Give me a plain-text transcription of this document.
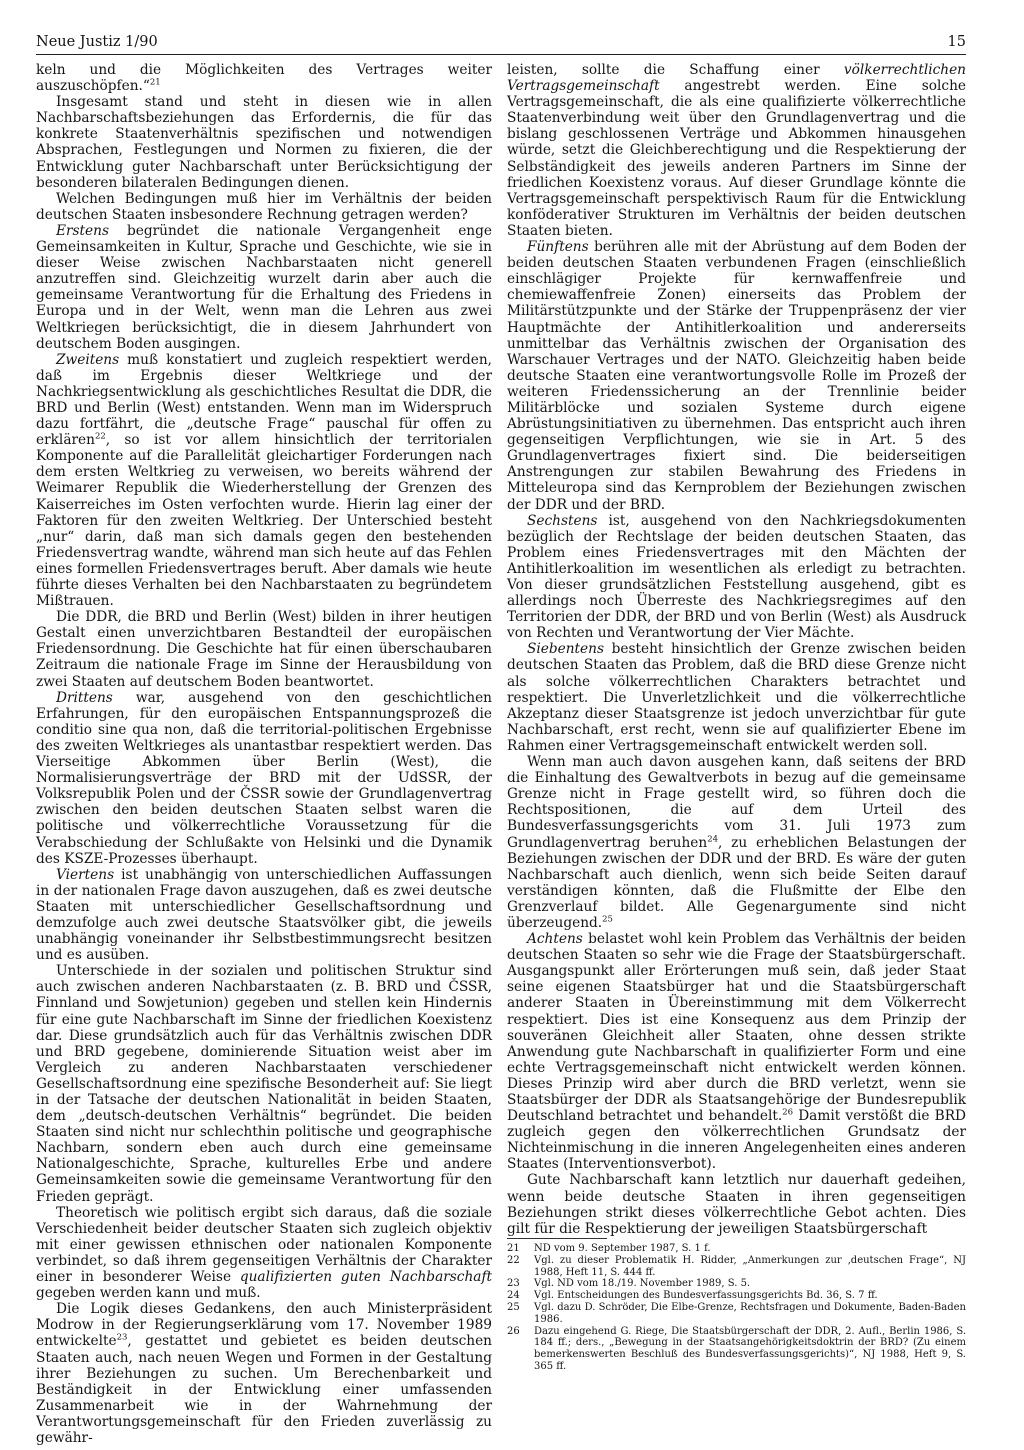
Neue Justiz 1/90	15

keln und die Möglichkeiten des Vertrages weiter auszuschöpfen.“$^{21}$

Insgesamt stand und steht in diesen wie in allen Nachbarschaftsbeziehungen das Erfordernis, die für das konkrete Staatenverhältnis spezifischen und notwendigen Absprachen, Festlegungen und Normen zu fixieren, die der Entwicklung guter Nachbarschaft unter Berücksichtigung der besonderen bilateralen Bedingungen dienen.

Welchen Bedingungen muß hier im Verhältnis der beiden deutschen Staaten insbesondere Rechnung getragen werden?

Erstens begründet die nationale Vergangenheit enge Gemeinsamkeiten in Kultur, Sprache und Geschichte, wie sie in dieser Weise zwischen Nachbarstaaten nicht generell anzutreffen sind. Gleichzeitig wurzelt darin aber auch die gemeinsame Verantwortung für die Erhaltung des Friedens in Europa und in der Welt, wenn man die Lehren aus zwei Weltkriegen berücksichtigt, die in diesem Jahrhundert von deutschem Boden ausgingen.

Zweitens muß konstatiert und zugleich respektiert werden, daß im Ergebnis dieser Weltkriege und der Nachkriegsentwicklung als geschichtliches Resultat die DDR, die BRD und Berlin (West) entstanden. Wenn man im Widerspruch dazu fortfährt, die „deutsche Frage“ pauschal für offen zu erklären$^{22}$, so ist vor allem hinsichtlich der territorialen Komponente auf die Parallelität gleichartiger Forderungen nach dem ersten Weltkrieg zu verweisen, wo bereits während der Weimarer Republik die Wiederherstellung der Grenzen des Kaiserreiches im Osten verfochten wurde. Hierin lag einer der Faktoren für den zweiten Weltkrieg. Der Unterschied besteht „nur“ darin, daß man sich damals gegen den bestehenden Friedensvertrag wandte, während man sich heute auf das Fehlen eines formellen Friedensvertrages beruft. Aber damals wie heute führte dieses Verhalten bei den Nachbarstaaten zu begründetem Mißtrauen.

Die DDR, die BRD und Berlin (West) bilden in ihrer heutigen Gestalt einen unverzichtbaren Bestandteil der europäischen Friedensordnung. Die Geschichte hat für einen überschaubaren Zeitraum die nationale Frage im Sinne der Herausbildung von zwei Staaten auf deutschem Boden beantwortet.

Drittens war, ausgehend von den geschichtlichen Erfahrungen, für den europäischen Entspannungsprozeß die conditio sine qua non, daß die territorial-politischen Ergebnisse des zweiten Weltkrieges als unantastbar respektiert werden. Das Vierseitige Abkommen über Berlin (West), die Normalisierungsverträge der BRD mit der UdSSR, der Volksrepublik Polen und der ČSSR sowie der Grundlagenvertrag zwischen den beiden deutschen Staaten selbst waren die politische und völkerrechtliche Voraussetzung für die Verabschiedung der Schlußakte von Helsinki und die Dynamik des KSZE-Prozesses überhaupt.

Viertens ist unabhängig von unterschiedlichen Auffassungen in der nationalen Frage davon auszugehen, daß es zwei deutsche Staaten mit unterschiedlicher Gesellschaftsordnung und demzufolge auch zwei deutsche Staatsvölker gibt, die jeweils unabhängig voneinander ihr Selbstbestimmungsrecht besitzen und es ausüben.

Unterschiede in der sozialen und politischen Struktur sind auch zwischen anderen Nachbarstaaten (z. B. BRD und ČSSR, Finnland und Sowjetunion) gegeben und stellen kein Hindernis für eine gute Nachbarschaft im Sinne der friedlichen Koexistenz dar. Diese grundsätzlich auch für das Verhältnis zwischen DDR und BRD gegebene, dominierende Situation weist aber im Vergleich zu anderen Nachbarstaaten verschiedener Gesellschaftsordnung eine spezifische Besonderheit auf: Sie liegt in der Tatsache der deutschen Nationalität in beiden Staaten, dem „deutsch-deutschen Verhältnis“ begründet. Die beiden Staaten sind nicht nur schlechthin politische und geographische Nachbarn, sondern eben auch durch eine gemeinsame Nationalgeschichte, Sprache, kulturelles Erbe und andere Gemeinsamkeiten sowie die gemeinsame Verantwortung für den Frieden geprägt.

Theoretisch wie politisch ergibt sich daraus, daß die soziale Verschiedenheit beider deutscher Staaten sich zugleich objektiv mit einer gewissen ethnischen oder nationalen Komponente verbindet, so daß ihrem gegenseitigen Verhältnis der Charakter einer in besonderer Weise qualifizierten guten Nachbarschaft gegeben werden kann und muß.

Die Logik dieses Gedankens, den auch Ministerpräsident Modrow in der Regierungserklärung vom 17. November 1989 entwickelte$^{23}$, gestattet und gebietet es beiden deutschen Staaten auch, nach neuen Wegen und Formen in der Gestaltung ihrer Beziehungen zu suchen. Um Berechenbarkeit und Beständigkeit in der Entwicklung einer umfassenden Zusammenarbeit wie in der Wahrnehmung der Verantwortungsgemeinschaft für den Frieden zuverlässig zu gewähr-

leisten, sollte die Schaffung einer völkerrechtlichen Vertragsgemeinschaft angestrebt werden. Eine solche Vertragsgemeinschaft, die als eine qualifizierte völkerrechtliche Staatenverbindung weit über den Grundlagenvertrag und die bislang geschlossenen Verträge und Abkommen hinausgehen würde, setzt die Gleichberechtigung und die Respektierung der Selbständigkeit des jeweils anderen Partners im Sinne der friedlichen Koexistenz voraus. Auf dieser Grundlage könnte die Vertragsgemeinschaft perspektivisch Raum für die Entwicklung konföderativer Strukturen im Verhältnis der beiden deutschen Staaten bieten.

Fünftens berühren alle mit der Abrüstung auf dem Boden der beiden deutschen Staaten verbundenen Fragen (einschließlich einschlägiger Projekte für kernwaffenfreie und chemiewaffenfreie Zonen) einerseits das Problem der Militärstützpunkte und der Stärke der Truppenpräsenz der vier Hauptmächte der Antihitlerkoalition und andererseits unmittelbar das Verhältnis zwischen der Organisation des Warschauer Vertrages und der NATO. Gleichzeitig haben beide deutsche Staaten eine verantwortungsvolle Rolle im Prozeß der weiteren Friedenssicherung an der Trennlinie beider Militärblöcke und sozialen Systeme durch eigene Abrüstungsinitiativen zu übernehmen. Das entspricht auch ihren gegenseitigen Verpflichtungen, wie sie in Art. 5 des Grundlagenvertrages fixiert sind. Die beiderseitigen Anstrengungen zur stabilen Bewahrung des Friedens in Mitteleuropa sind das Kernproblem der Beziehungen zwischen der DDR und der BRD.

Sechstens ist, ausgehend von den Nachkriegsdokumenten bezüglich der Rechtslage der beiden deutschen Staaten, das Problem eines Friedensvertrages mit den Mächten der Antihitlerkoalition im wesentlichen als erledigt zu betrachten. Von dieser grundsätzlichen Feststellung ausgehend, gibt es allerdings noch Überreste des Nachkriegsregimes auf den Territorien der DDR, der BRD und von Berlin (West) als Ausdruck von Rechten und Verantwortung der Vier Mächte.

Siebentens besteht hinsichtlich der Grenze zwischen beiden deutschen Staaten das Problem, daß die BRD diese Grenze nicht als solche völkerrechtlichen Charakters betrachtet und respektiert. Die Unverletzlichkeit und die völkerrechtliche Akzeptanz dieser Staatsgrenze ist jedoch unverzichtbar für gute Nachbarschaft, erst recht, wenn sie auf qualifizierter Ebene im Rahmen einer Vertragsgemeinschaft entwickelt werden soll.

Wenn man auch davon ausgehen kann, daß seitens der BRD die Einhaltung des Gewaltverbots in bezug auf die gemeinsame Grenze nicht in Frage gestellt wird, so führen doch die Rechtspositionen, die auf dem Urteil des Bundesverfassungsgerichts vom 31. Juli 1973 zum Grundlagenvertrag beruhen$^{24}$, zu erheblichen Belastungen der Beziehungen zwischen der DDR und der BRD. Es wäre der guten Nachbarschaft auch dienlich, wenn sich beide Seiten darauf verständigen könnten, daß die Flußmitte der Elbe den Grenzverlauf bildet. Alle Gegenargumente sind nicht überzeugend.$^{25}$

Achtens belastet wohl kein Problem das Verhältnis der beiden deutschen Staaten so sehr wie die Frage der Staatsbürgerschaft. Ausgangspunkt aller Erörterungen muß sein, daß jeder Staat seine eigenen Staatsbürger hat und die Staatsbürgerschaft anderer Staaten in Übereinstimmung mit dem Völkerrecht respektiert. Dies ist eine Konsequenz aus dem Prinzip der souveränen Gleichheit aller Staaten, ohne dessen strikte Anwendung gute Nachbarschaft in qualifizierter Form und eine echte Vertragsgemeinschaft nicht entwickelt werden können. Dieses Prinzip wird aber durch die BRD verletzt, wenn sie Staatsbürger der DDR als Staatsangehörige der Bundesrepublik Deutschland betrachtet und behandelt.$^{26}$ Damit verstößt die BRD zugleich gegen den völkerrechtlichen Grundsatz der Nichteinmischung in die inneren Angelegenheiten eines anderen Staates (Interventionsverbot).

Gute Nachbarschaft kann letztlich nur dauerhaft gedeihen, wenn beide deutsche Staaten in ihren gegenseitigen Beziehungen strikt dieses völkerrechtliche Gebot achten. Dies gilt für die Respektierung der jeweiligen Staatsbürgerschaft

21	ND vom 9. September 1987, S. 1 f.
22	Vgl. zu dieser Problematik H. Ridder, „Anmerkungen zur ‚deutschen Frage“, NJ 1988, Heft 11, S. 444 ff.
23	Vgl. ND vom 18./19. November 1989, S. 5.
24	Vgl. Entscheidungen des Bundesverfassungsgerichts Bd. 36, S. 7 ff.
25	Vgl. dazu D. Schröder, Die Elbe-Grenze, Rechtsfragen und Dokumente, Baden-Baden 1986.
26	Dazu eingehend G. Riege, Die Staatsbürgerschaft der DDR, 2. Aufl., Berlin 1986, S. 184 ff.; ders., „Bewegung in der Staatsangehörigkeitsdoktrin der BRD? (Zu einem bemerkenswerten Beschluß des Bundesverfassungsgerichts)“, NJ 1988, Heft 9, S. 365 ff.
